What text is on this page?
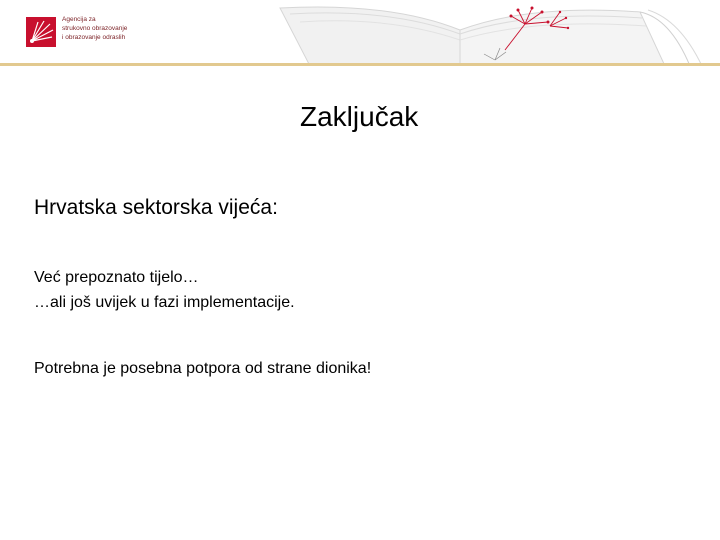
Agencija za
strukovno obrazovanje
i obrazovanje odraslih
Zaključak
Hrvatska sektorska vijeća:
Već prepoznato tijelo…
…ali još uvijek u fazi implementacije.
Potrebna je posebna potpora od strane dionika!
